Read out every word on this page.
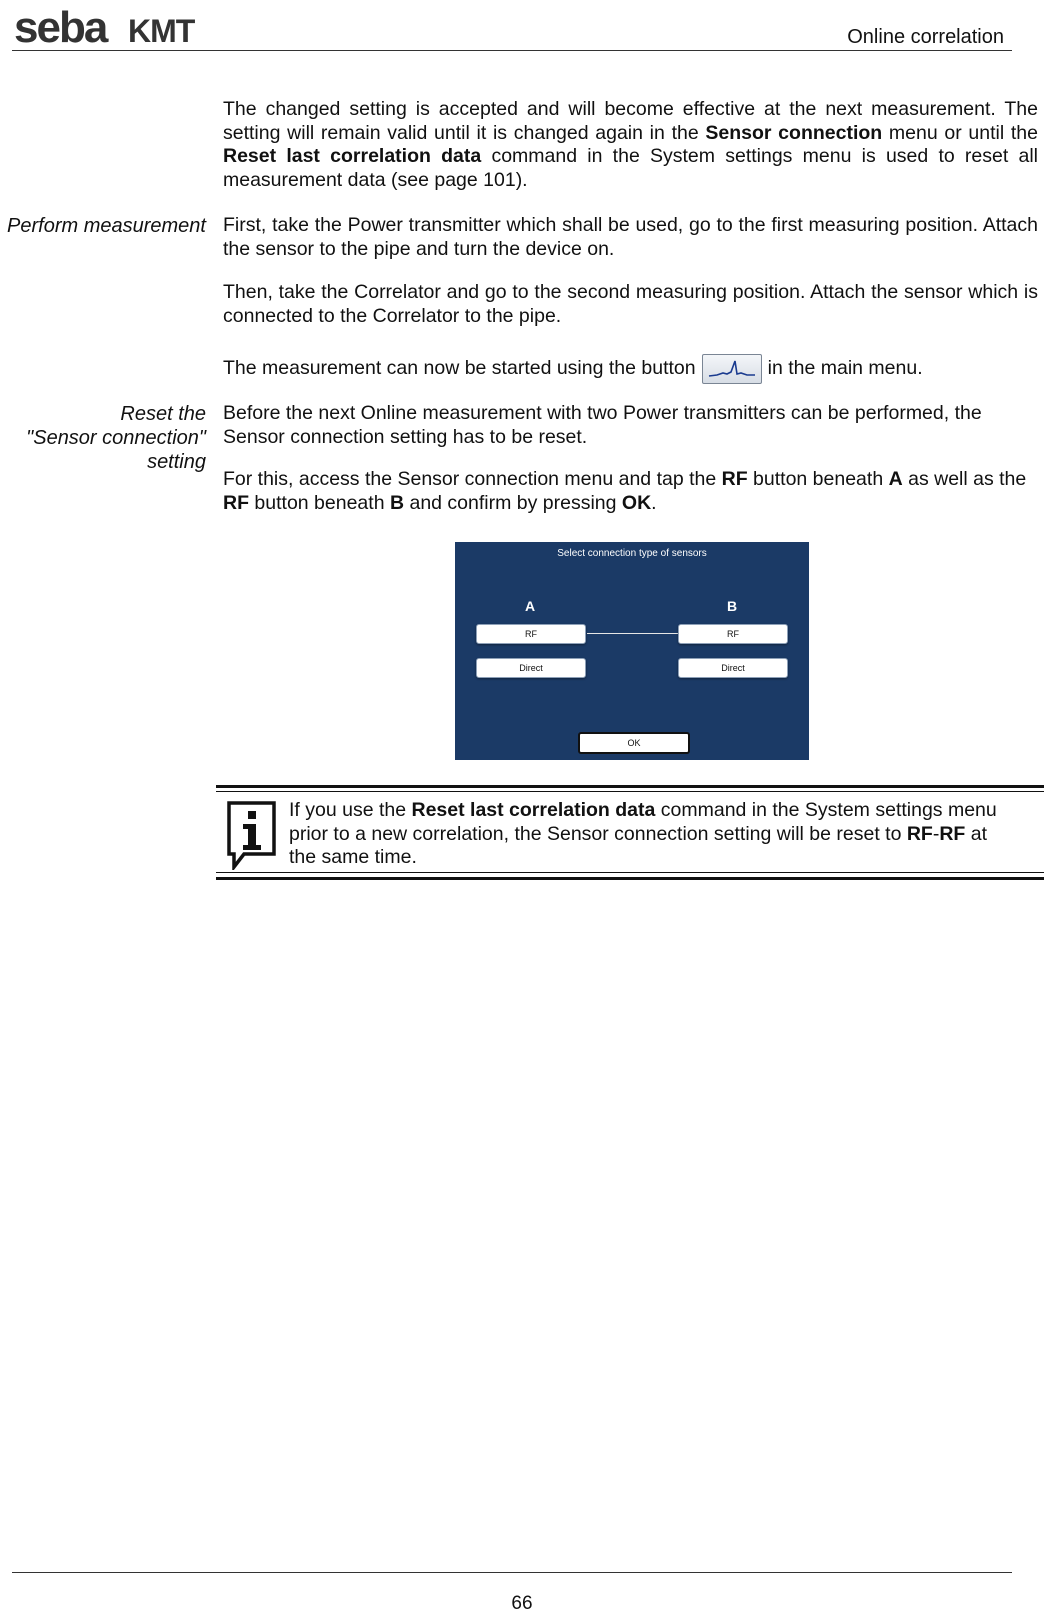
seba KMT	Online correlation

The changed setting is accepted and will become effective at the next measurement. The setting will remain valid until it is changed again in the Sensor connection menu or until the Reset last correlation data command in the System settings menu is used to reset all measurement data (see page 101).

Perform measurement First, take the Power transmitter which shall be used, go to the first measuring position. Attach the sensor to the pipe and turn the device on.

Then, take the Correlator and go to the second measuring position. Attach the sensor which is connected to the Correlator to the pipe.

The measurement can now be started using the button	in the main menu.

Reset the
"Sensor connection"
setting

Before the next Online measurement with two Power transmitters can be performed, the Sensor connection setting has to be reset.

For this, access the Sensor connection menu and tap the RF button beneath A as well as the RF button beneath B and confirm by pressing OK.

Select connection type of sensors
A	B
RF
Direct
RF
Direct
OK
If you use the Reset last correlation data command in the System settings menu prior to a new correlation, the Sensor connection setting will be reset to RF-RF at the same time.
66
